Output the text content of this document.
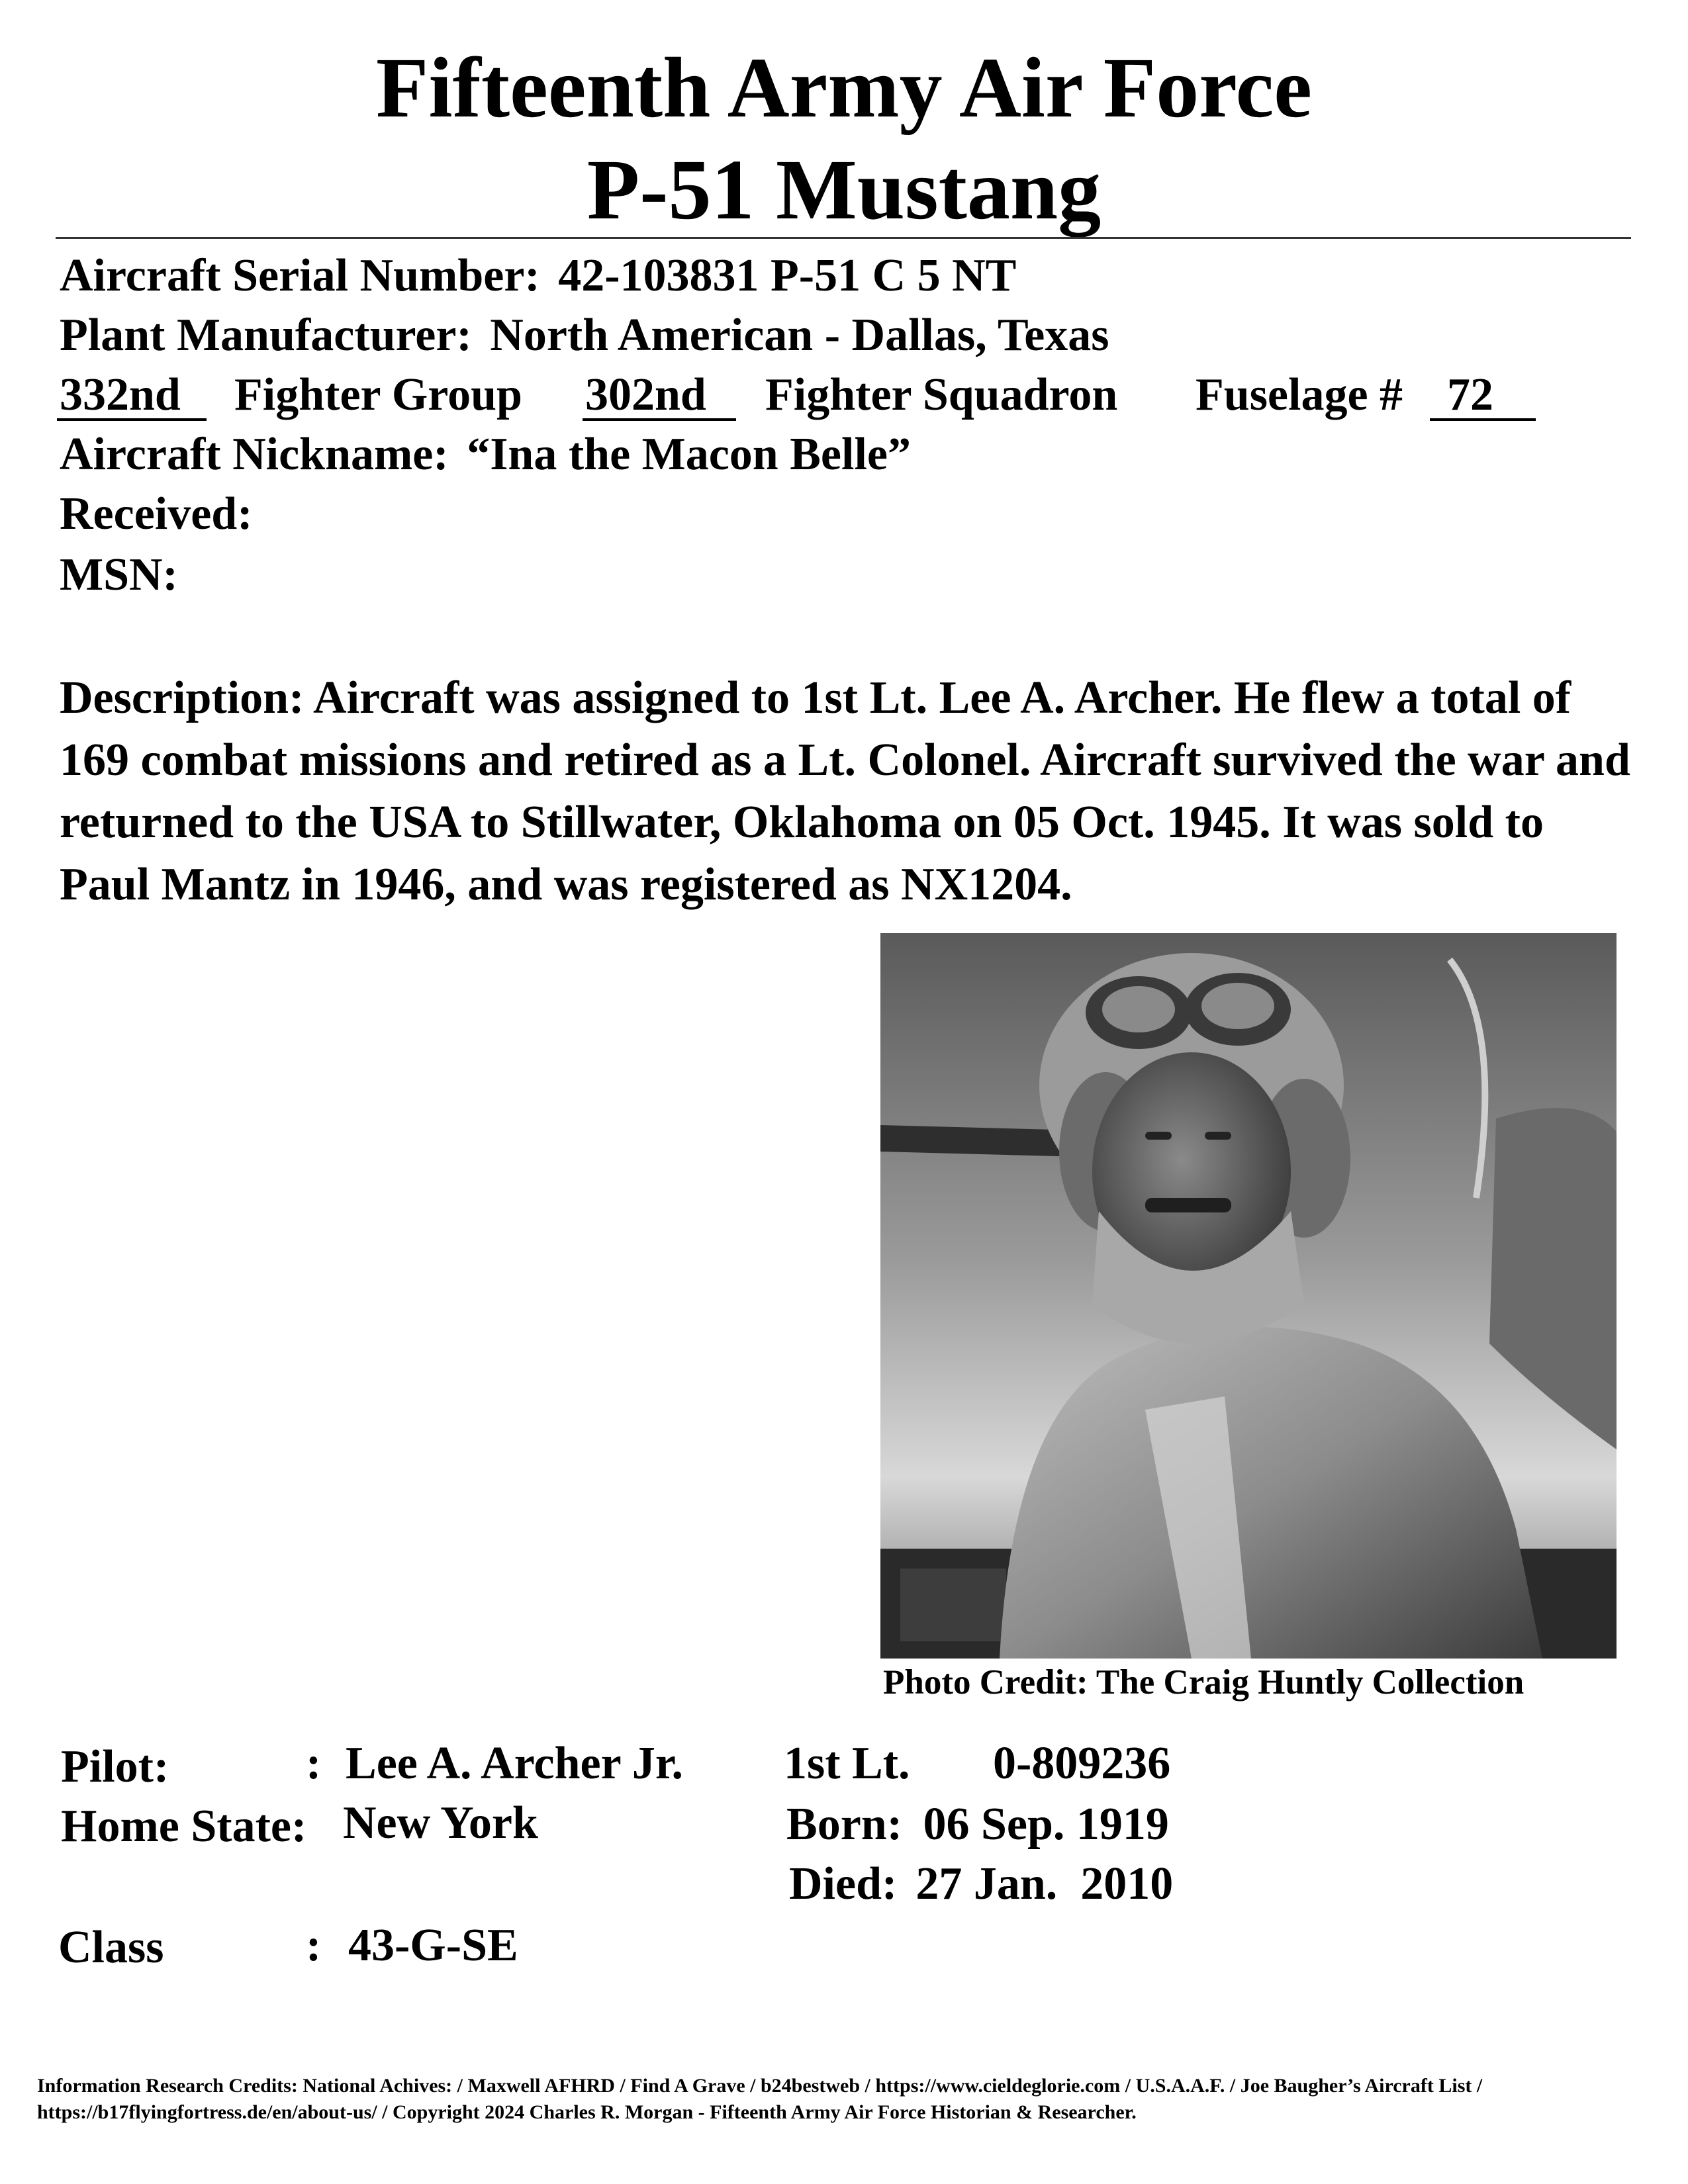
Fifteenth Army Air Force
P-51 Mustang
Aircraft Serial Number: 42-103831 P-51 C 5 NT
Plant Manufacturer: North American - Dallas, Texas
332nd Fighter Group 302nd Fighter Squadron Fuselage # 72
Aircraft Nickname: “Ina the Macon Belle”
Received:
MSN:
Description: Aircraft was assigned to 1st Lt. Lee A. Archer. He flew a total of 169 combat missions and retired as a Lt. Colonel. Aircraft survived the war and returned to the USA to Stillwater, Oklahoma on 05 Oct. 1945. It was sold to Paul Mantz in 1946, and was registered as NX1204.
Photo Credit: The Craig Huntly Collection
Pilot:	: Lee A. Archer Jr. 1st Lt. 0-809236
Home State: New York	Born: 06 Sep. 1919
Died: 27 Jan.  2010
Class	: 43-G-SE
Information Research Credits: National Achives: / Maxwell AFHRD / Find A Grave / b24bestweb / https://www.cieldeglorie.com / U.S.A.A.F. / Joe Baugher’s Aircraft List /
https://b17flyingfortress.de/en/about-us/ / Copyright 2024 Charles R. Morgan - Fifteenth Army Air Force Historian & Researcher.
